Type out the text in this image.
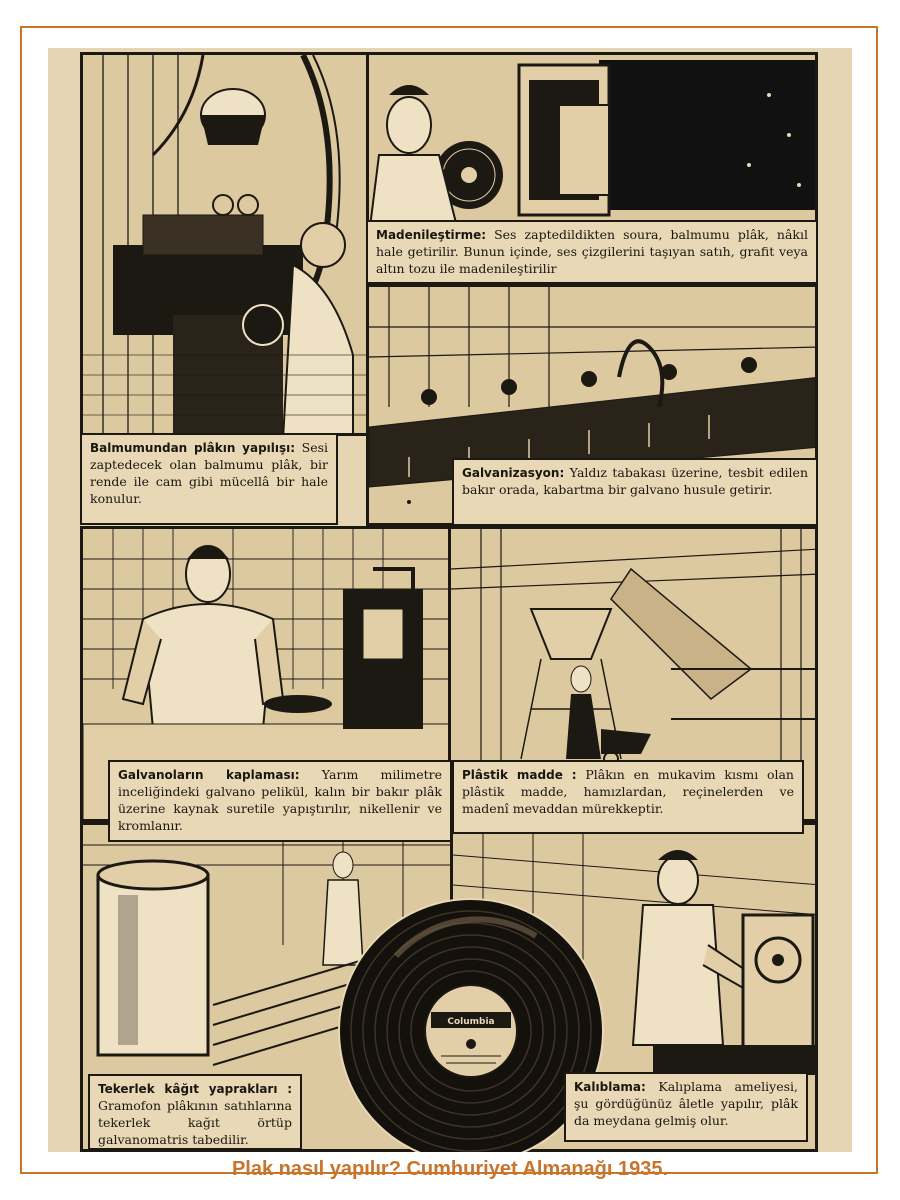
Columbia
Madenileştirme: Ses zaptedildikten soura, balmumu plâk, nâkıl hale getirilir. Bunun içinde, ses çizgilerini taşıyan satıh, grafit veya altın tozu ile madenileştirilir
Balmumundan plâkın yapılışı: Sesi zaptedecek olan balmumu plâk, bir rende ile cam gibi mücellâ bir hale konulur.
Galvanizasyon: Yaldız tabakası üzerine, tesbit edilen bakır orada, kabartma bir galvano husule getirir.
Galvanoların kaplaması: Yarım milimetre inceliğindeki galvano pelikül, kalın bir bakır plâk üzerine kaynak suretile yapıştırılır, nikellenir ve kromlanır.
Plâstik madde : Plâkın en mukavim kısmı olan plâstik madde, hamızlardan, reçinelerden ve madenî mevaddan mürekkeptir.
Tekerlek kâğıt yaprakları : Gramofon plâkının satıhlarına tekerlek kağıt örtüp galvanomatris tabedilir.
Kalıblama: Kalıplama ameliyesi, şu gördüğünüz âletle yapılır, plâk da meydana gelmiş olur.
Plak nasıl yapılır? Cumhuriyet Almanağı 1935.
